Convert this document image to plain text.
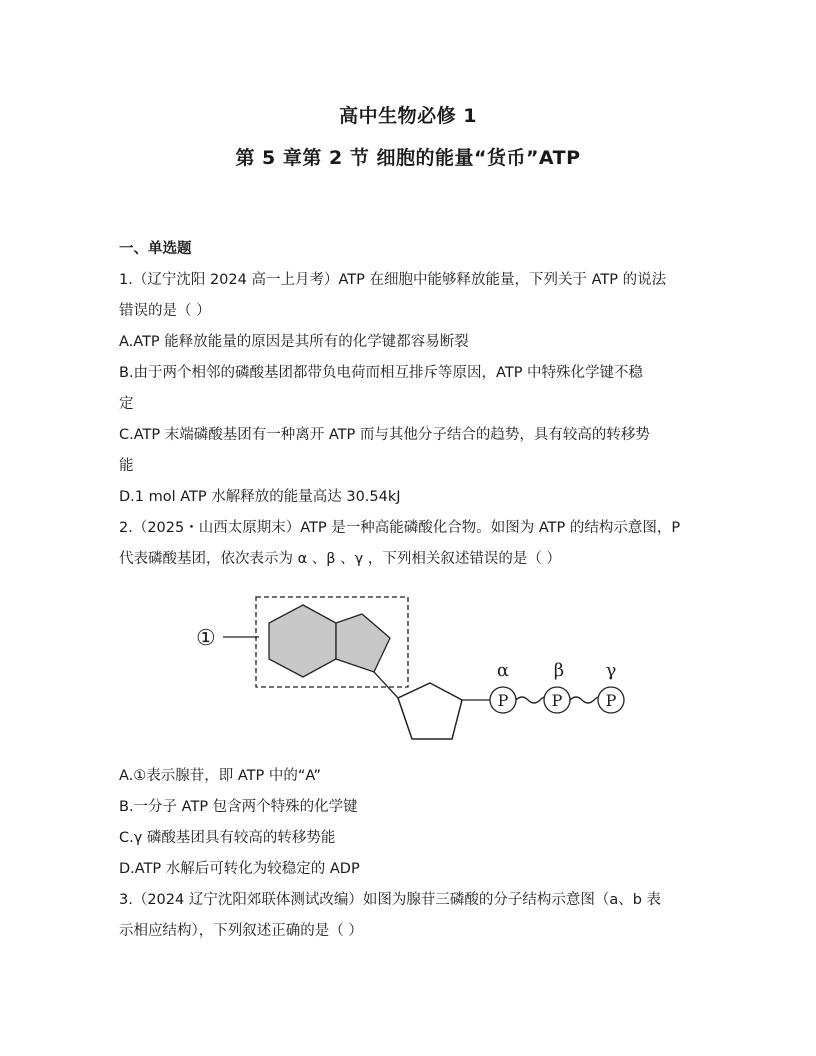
高中生物必修 1
第 5 章第 2 节 细胞的能量“货币”ATP
一、单选题
1.（辽宁沈阳 2024 高一上月考）ATP 在细胞中能够释放能量，下列关于 ATP 的说法
错误的是（ ）
A.ATP 能释放能量的原因是其所有的化学键都容易断裂
B.由于两个相邻的磷酸基团都带负电荷而相互排斥等原因，ATP 中特殊化学键不稳
定
C.ATP 末端磷酸基团有一种离开 ATP 而与其他分子结合的趋势，具有较高的转移势
能
D.1 mol ATP 水解释放的能量高达 30.54kJ
2.（2025・山西太原期末）ATP 是一种高能磷酸化合物。如图为 ATP 的结构示意图，P
代表磷酸基团，依次表示为 α 、β 、γ ，下列相关叙述错误的是（ ）
①
P	P	P
α β γ
A.①表示腺苷，即 ATP 中的“A”
B.一分子 ATP 包含两个特殊的化学键
C.γ 磷酸基团具有较高的转移势能
D.ATP 水解后可转化为较稳定的 ADP
3.（2024 辽宁沈阳郊联体测试改编）如图为腺苷三磷酸的分子结构示意图（a、b 表
示相应结构），下列叙述正确的是（ ）
